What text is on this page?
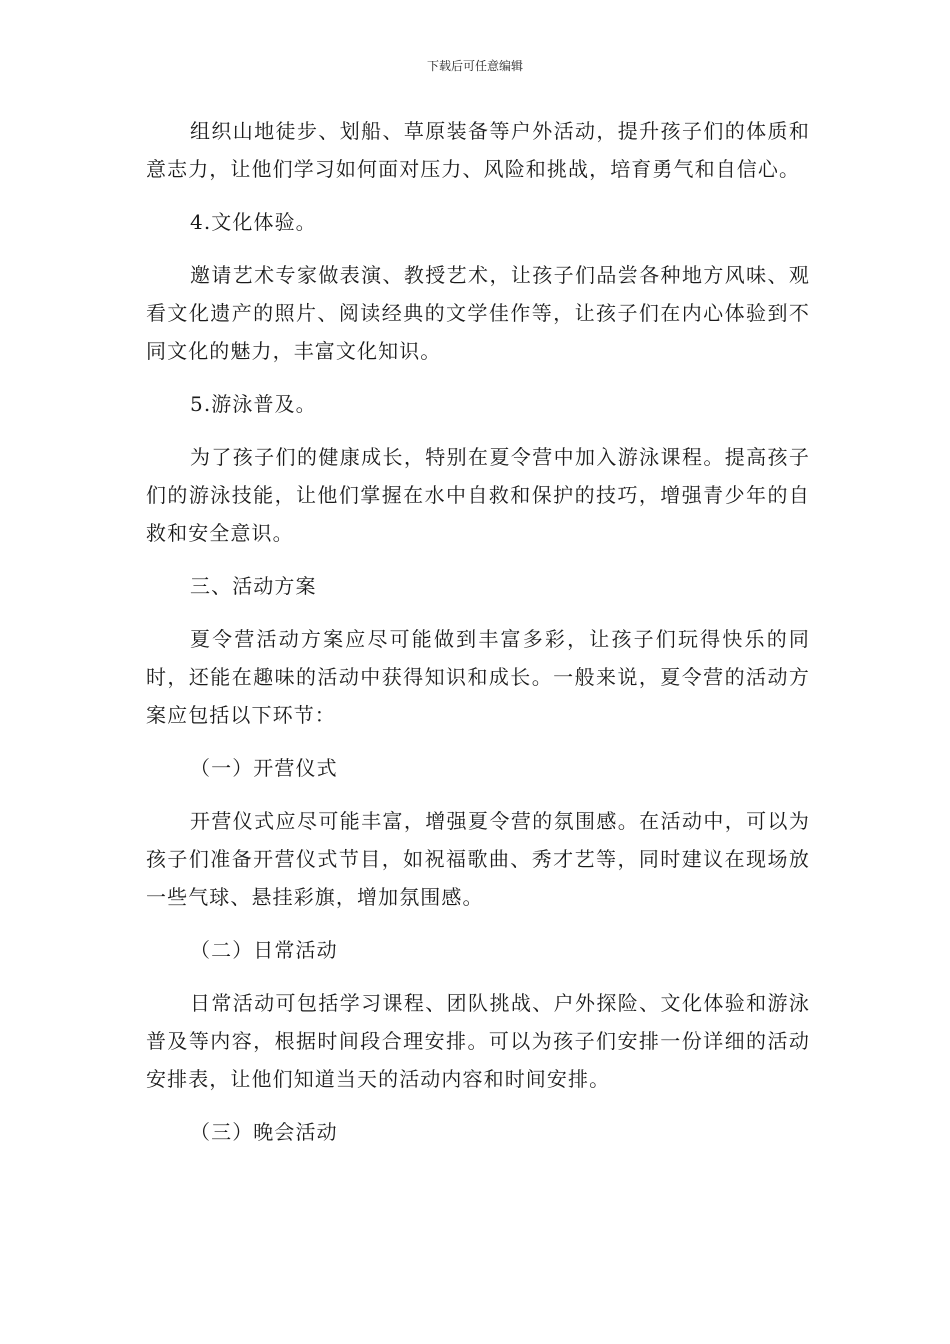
下载后可任意编辑

组织山地徒步、划船、草原装备等户外活动，提升孩子们的体质和意志力，让他们学习如何面对压力、风险和挑战，培育勇气和自信心。

4.文化体验。

邀请艺术专家做表演、教授艺术，让孩子们品尝各种地方风味、观看文化遗产的照片、阅读经典的文学佳作等，让孩子们在内心体验到不同文化的魅力，丰富文化知识。

5.游泳普及。

为了孩子们的健康成长，特别在夏令营中加入游泳课程。提高孩子们的游泳技能，让他们掌握在水中自救和保护的技巧，增强青少年的自救和安全意识。

三、活动方案

夏令营活动方案应尽可能做到丰富多彩，让孩子们玩得快乐的同时，还能在趣味的活动中获得知识和成长。一般来说，夏令营的活动方案应包括以下环节：

（一）开营仪式

开营仪式应尽可能丰富，增强夏令营的氛围感。在活动中，可以为孩子们准备开营仪式节目，如祝福歌曲、秀才艺等，同时建议在现场放一些气球、悬挂彩旗，增加氛围感。

（二）日常活动

日常活动可包括学习课程、团队挑战、户外探险、文化体验和游泳普及等内容，根据时间段合理安排。可以为孩子们安排一份详细的活动安排表，让他们知道当天的活动内容和时间安排。

（三）晚会活动
